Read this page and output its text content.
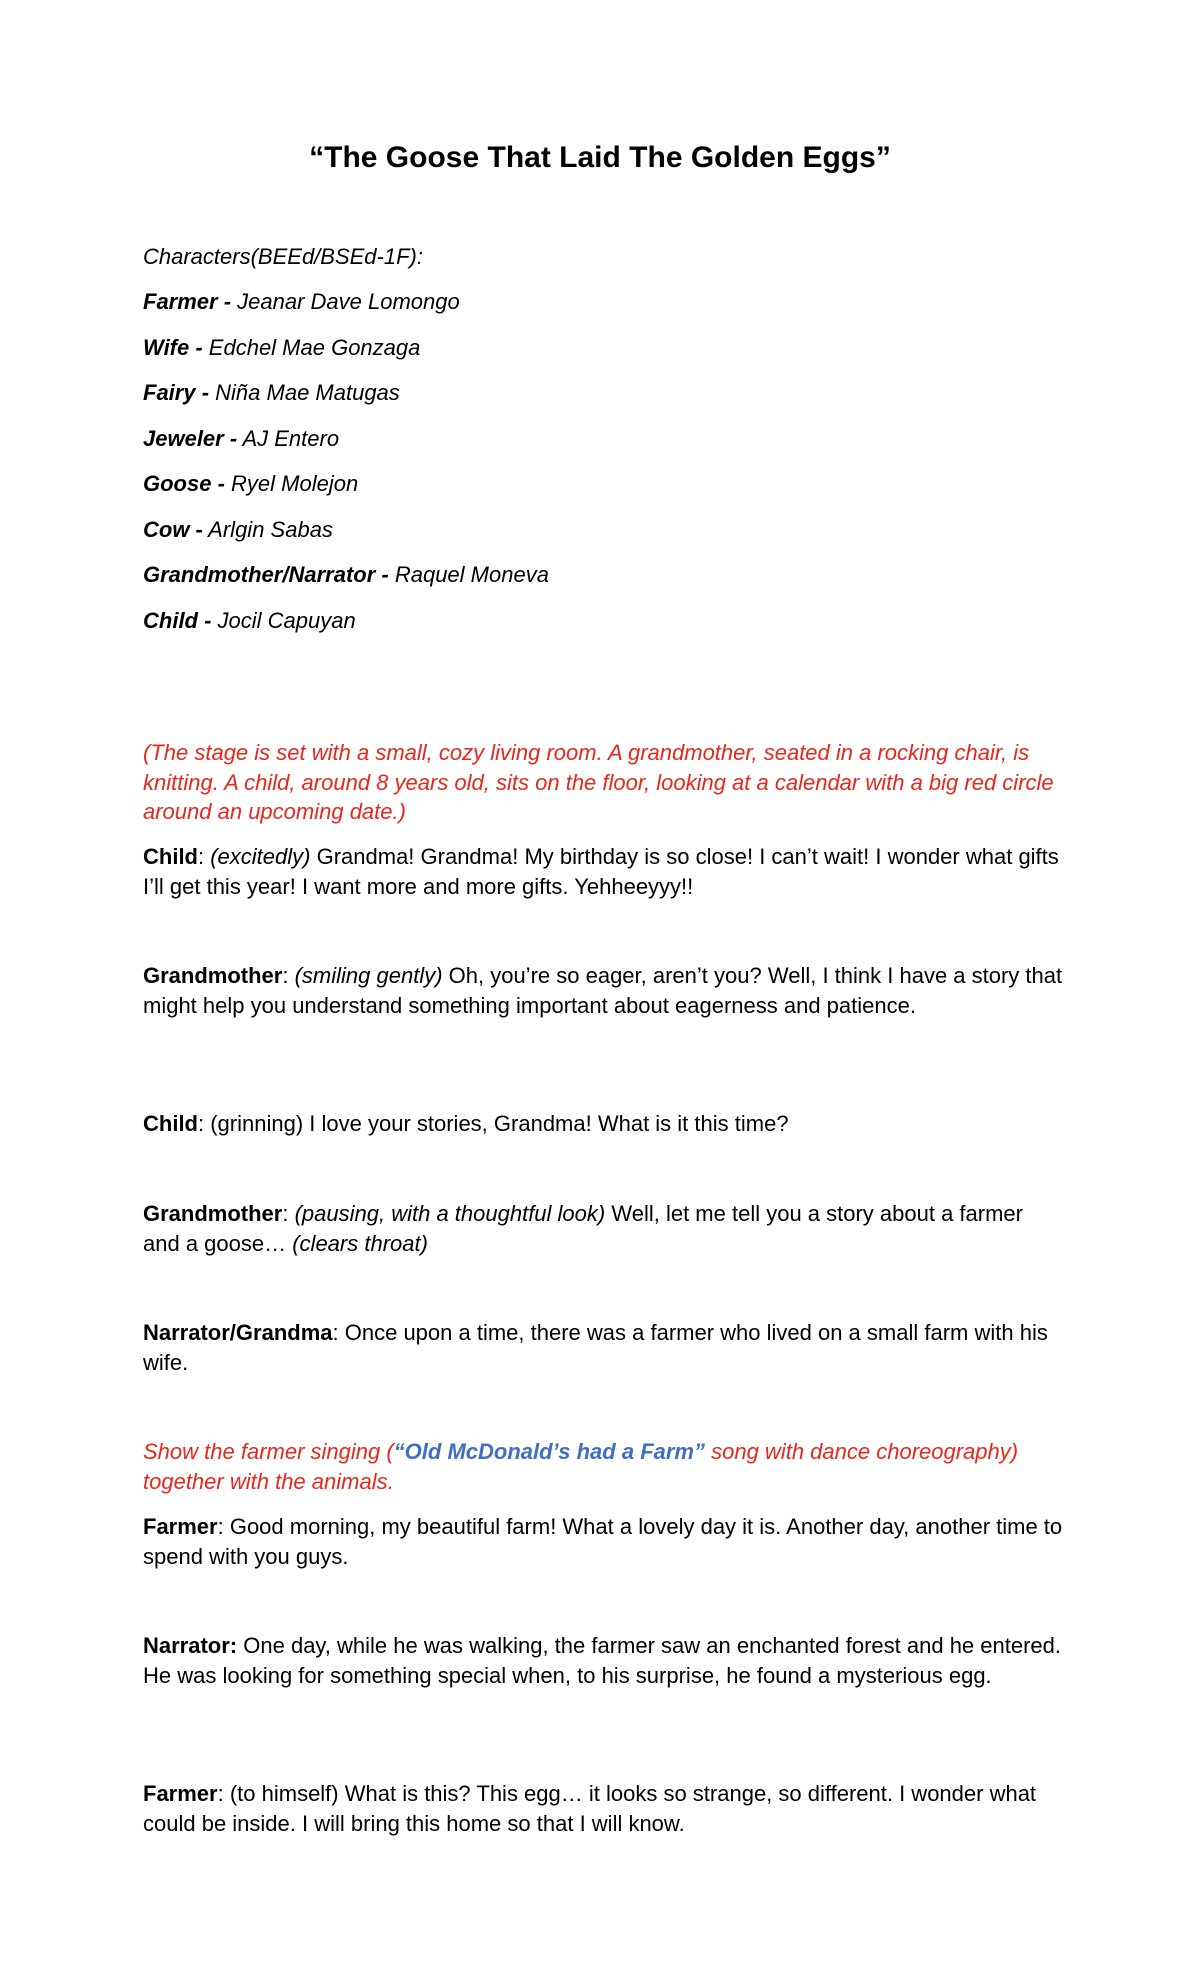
“The Goose That Laid The Golden Eggs”
Characters(BEEd/BSEd-1F):
Farmer - Jeanar Dave Lomongo
Wife - Edchel Mae Gonzaga
Fairy - Niña Mae Matugas
Jeweler - AJ Entero
Goose - Ryel Molejon
Cow - Arlgin Sabas
Grandmother/Narrator - Raquel Moneva
Child - Jocil Capuyan
(The stage is set with a small, cozy living room. A grandmother, seated in a rocking chair, is knitting. A child, around 8 years old, sits on the floor, looking at a calendar with a big red circle around an upcoming date.)
Child: (excitedly) Grandma! Grandma! My birthday is so close! I can’t wait! I wonder what gifts I’ll get this year! I want more and more gifts. Yehheeyyy!!
Grandmother: (smiling gently) Oh, you’re so eager, aren’t you? Well, I think I have a story that might help you understand something important about eagerness and patience.
Child: (grinning) I love your stories, Grandma! What is it this time?
Grandmother: (pausing, with a thoughtful look) Well, let me tell you a story about a farmer and a goose… (clears throat)
Narrator/Grandma: Once upon a time, there was a farmer who lived on a small farm with his wife.
Show the farmer singing (“Old McDonald’s had a Farm” song with dance choreography) together with the animals.
Farmer: Good morning, my beautiful farm! What a lovely day it is. Another day, another time to spend with you guys.
Narrator: One day, while he was walking, the farmer saw an enchanted forest and he entered. He was looking for something special when, to his surprise, he found a mysterious egg.
Farmer: (to himself) What is this? This egg… it looks so strange, so different. I wonder what could be inside. I will bring this home so that I will know.
